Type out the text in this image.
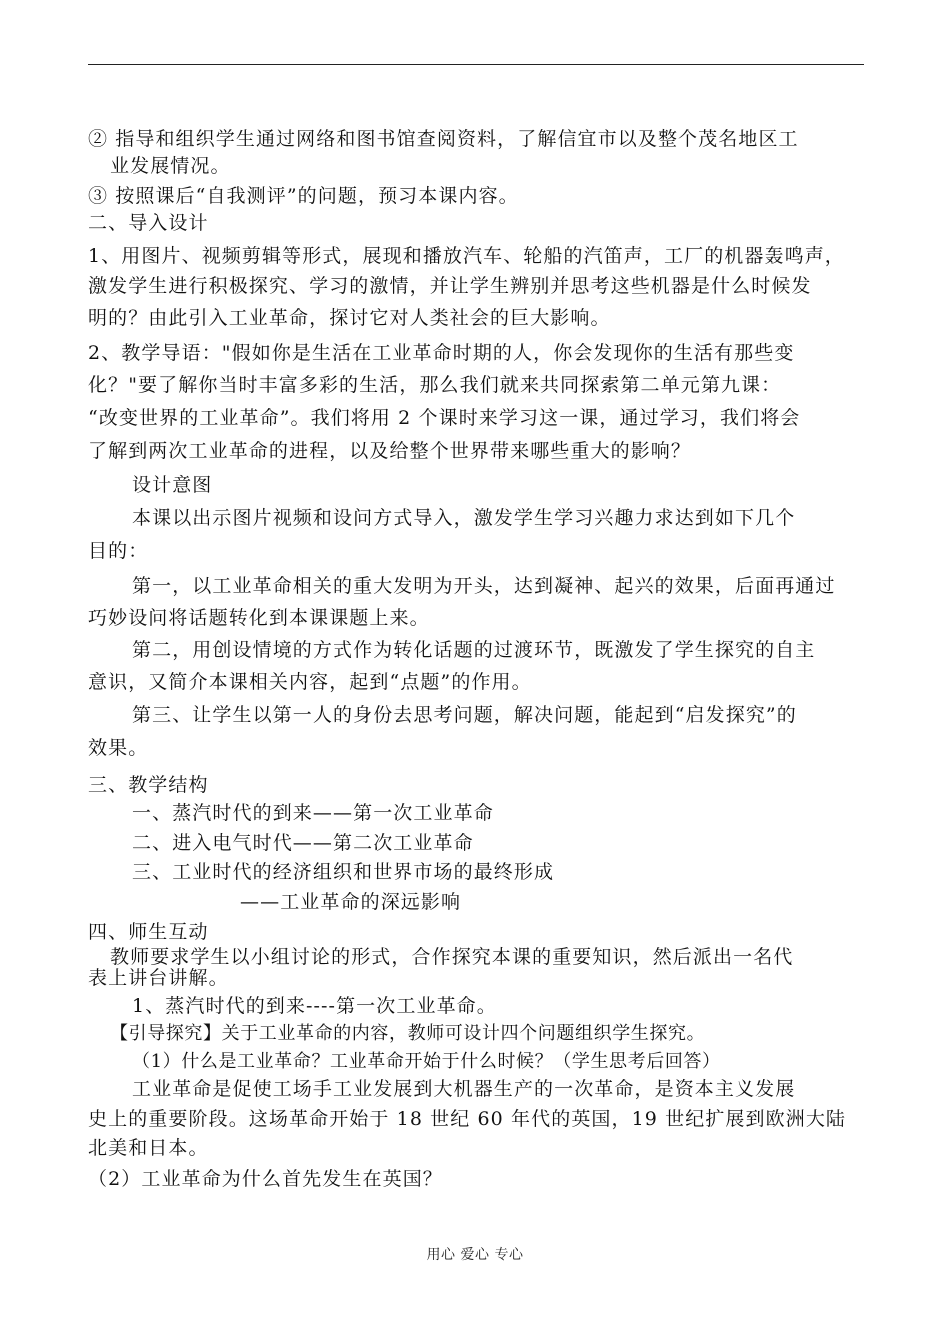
② 指导和组织学生通过网络和图书馆查阅资料，了解信宜市以及整个茂名地区工
业发展情况。
③ 按照课后“自我测评”的问题，预习本课内容。
二、导入设计
1、用图片、视频剪辑等形式，展现和播放汽车、轮船的汽笛声，工厂的机器轰鸣声，
激发学生进行积极探究、学习的激情，并让学生辨别并思考这些机器是什么时候发
明的？由此引入工业革命，探讨它对人类社会的巨大影响。
2、教学导语："假如你是生活在工业革命时期的人，你会发现你的生活有那些变
化？"要了解你当时丰富多彩的生活，那么我们就来共同探索第二单元第九课：
“改变世界的工业革命”。我们将用 2 个课时来学习这一课，通过学习，我们将会
了解到两次工业革命的进程，以及给整个世界带来哪些重大的影响？
设计意图
本课以出示图片视频和设问方式导入，激发学生学习兴趣力求达到如下几个
目的：
第一，以工业革命相关的重大发明为开头，达到凝神、起兴的效果，后面再通过
巧妙设问将话题转化到本课课题上来。
第二，用创设情境的方式作为转化话题的过渡环节，既激发了学生探究的自主
意识，又简介本课相关内容，起到“点题”的作用。
第三、让学生以第一人的身份去思考问题，解决问题，能起到“启发探究”的
效果。
三、教学结构
一、蒸汽时代的到来——第一次工业革命
二、进入电气时代——第二次工业革命
三、工业时代的经济组织和世界市场的最终形成
——工业革命的深远影响
四、师生互动
教师要求学生以小组讨论的形式，合作探究本课的重要知识，然后派出一名代
表上讲台讲解。
1、蒸汽时代的到来----第一次工业革命。
【引导探究】关于工业革命的内容，教师可设计四个问题组织学生探究。
（1）什么是工业革命？工业革命开始于什么时候？（学生思考后回答）
工业革命是促使工场手工业发展到大机器生产的一次革命，是资本主义发展
史上的重要阶段。这场革命开始于 18 世纪 60 年代的英国，19 世纪扩展到欧洲大陆
北美和日本。
（2）工业革命为什么首先发生在英国？
用心 爱心 专心
